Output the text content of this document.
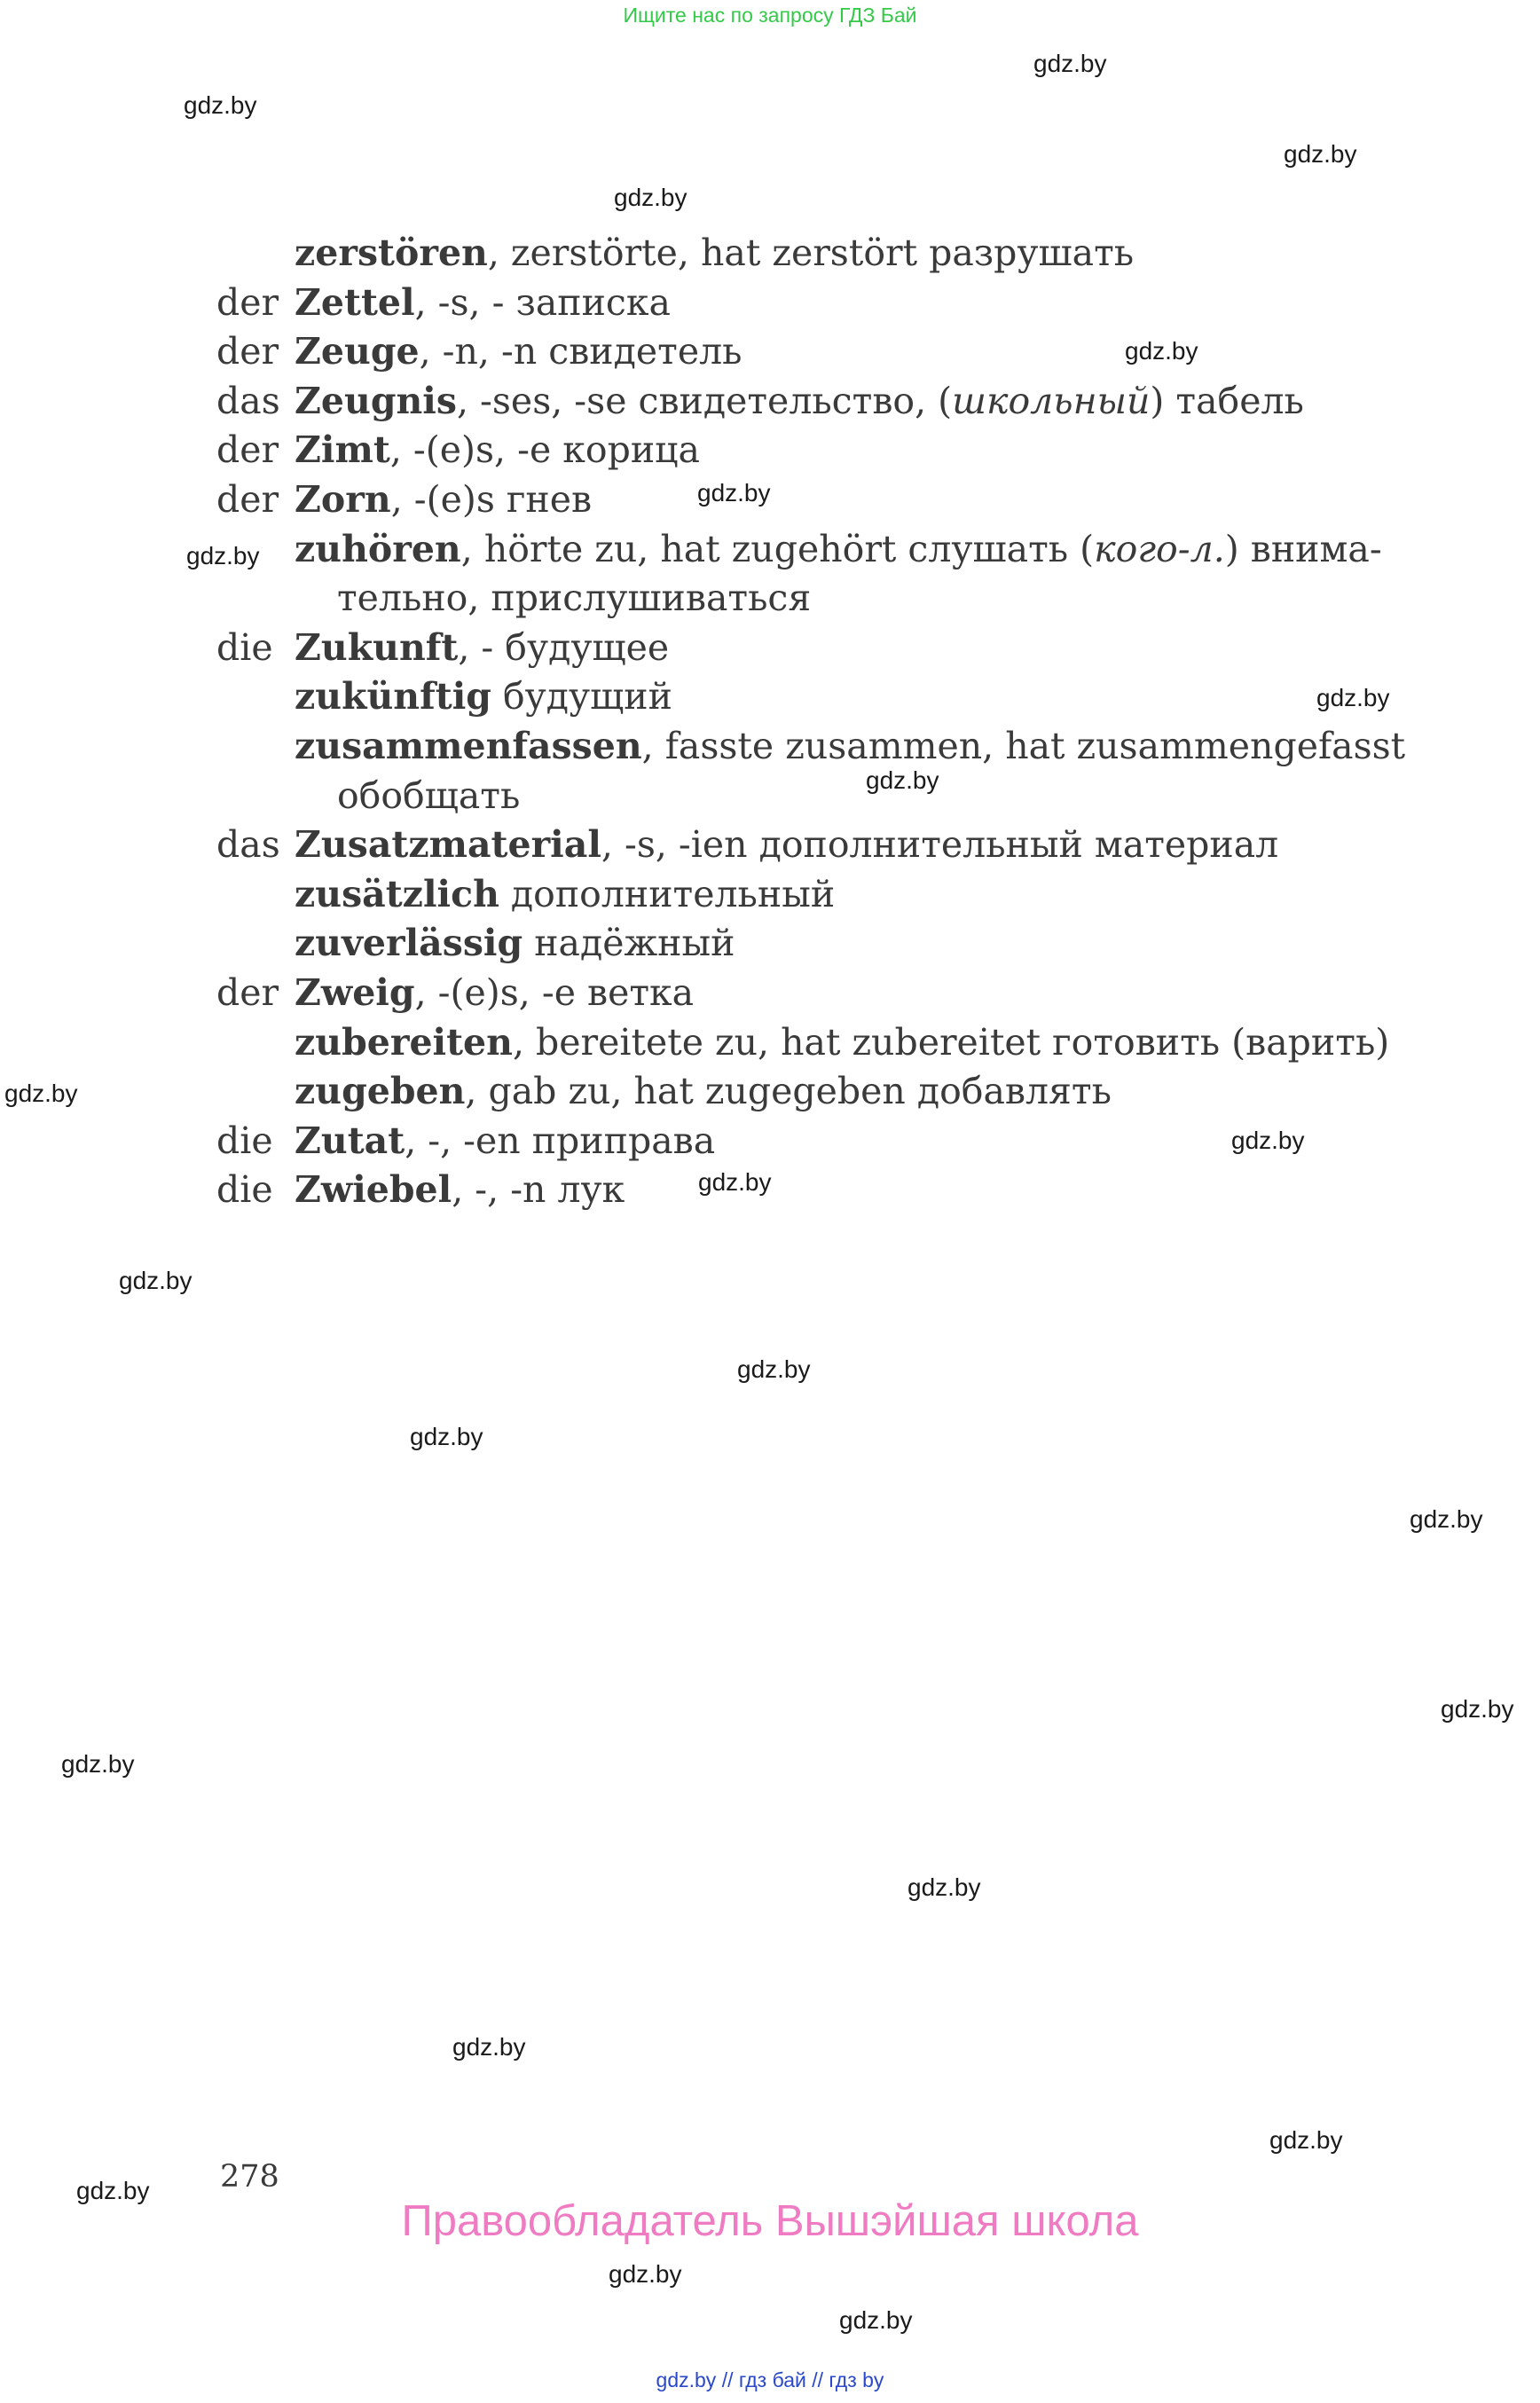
Ищите нас по запросу ГДЗ Бай
gdz.by
gdz.by
gdz.by
gdz.by
gdz.by
gdz.by
gdz.by
gdz.by
gdz.by
gdz.by
gdz.by
gdz.by
gdz.by
gdz.by
gdz.by
gdz.by
gdz.by
gdz.by
gdz.by
gdz.by
gdz.by
gdz.by
gdz.by
gdz.by
zerstören, zerstörte, hat zerstört разрушать
der Zettel, -s, - записка
der Zeuge, -n, -n свидетель
das Zeugnis, -ses, -se свидетельство, (школьный) табель
der Zimt, -(e)s, -e корица
der Zorn, -(e)s гнев
zuhören, hörte zu, hat zugehört слушать (кого-л.) внима-
тельно, прислушиваться
die Zukunft, - будущее
zukünftig будущий
zusammenfassen, fasste zusammen, hat zusammengefasst
обобщать
das Zusatzmaterial, -s, -ien дополнительный материал
zusätzlich дополнительный
zuverlässig надёжный
der Zweig, -(e)s, -e ветка
zubereiten, bereitete zu, hat zubereitet готовить (варить)
zugeben, gab zu, hat zugegeben добавлять
die Zutat, -, -en приправа
die Zwiebel, -, -n лук
278
Правообладатель Вышэйшая школа
gdz.by // гдз бай // гдз by
